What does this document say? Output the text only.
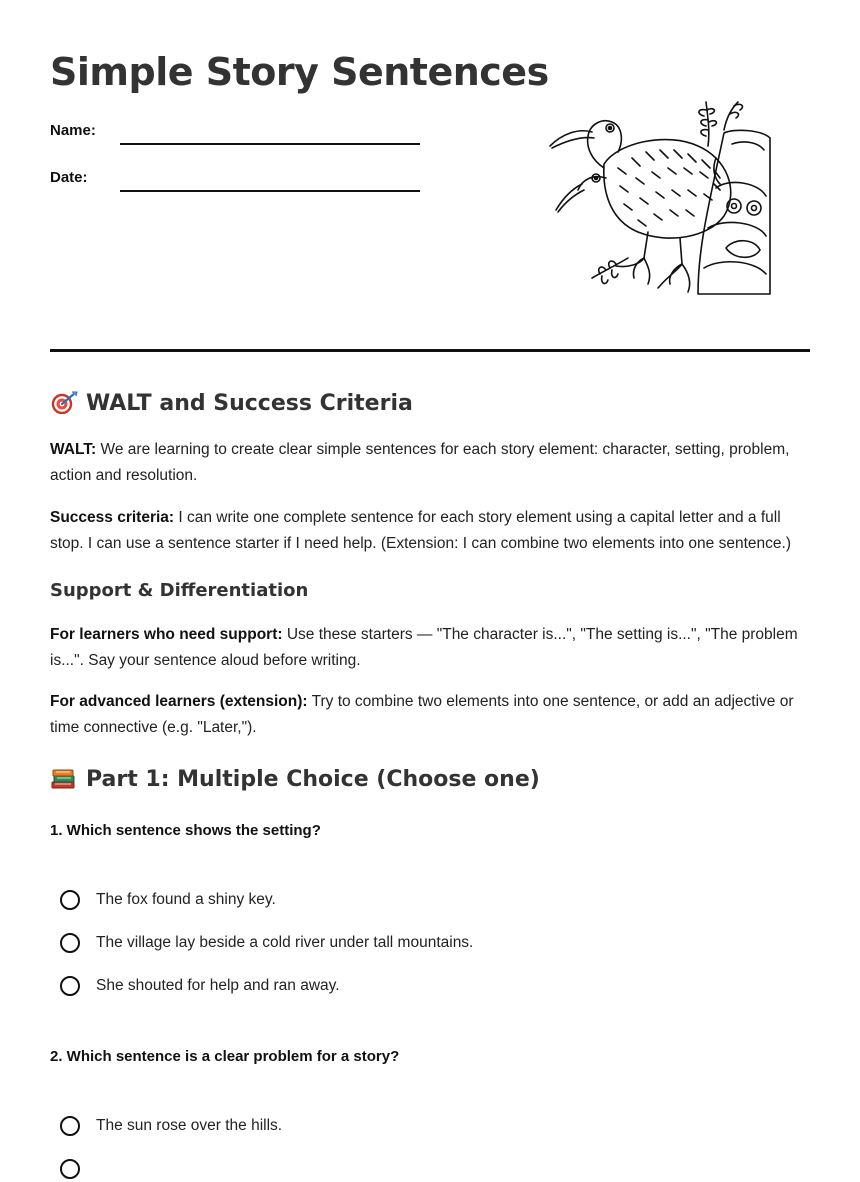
Simple Story Sentences
Name:
Date:
WALT and Success Criteria

WALT: We are learning to create clear simple sentences for each story element: character, setting, problem, action and resolution.

Success criteria: I can write one complete sentence for each story element using a capital letter and a full stop. I can use a sentence starter if I need help. (Extension: I can combine two elements into one sentence.)

Support & Differentiation

For learners who need support: Use these starters — "The character is...", "The setting is...", "The problem is...". Say your sentence aloud before writing.

For advanced learners (extension): Try to combine two elements into one sentence, or add an adjective or time connective (e.g. "Later,").

Part 1: Multiple Choice (Choose one)

1. Which sentence shows the setting?

The fox found a shiny key.
The village lay beside a cold river under tall mountains.
She shouted for help and ran away.

2. Which sentence is a clear problem for a story?

The sun rose over the hills.
